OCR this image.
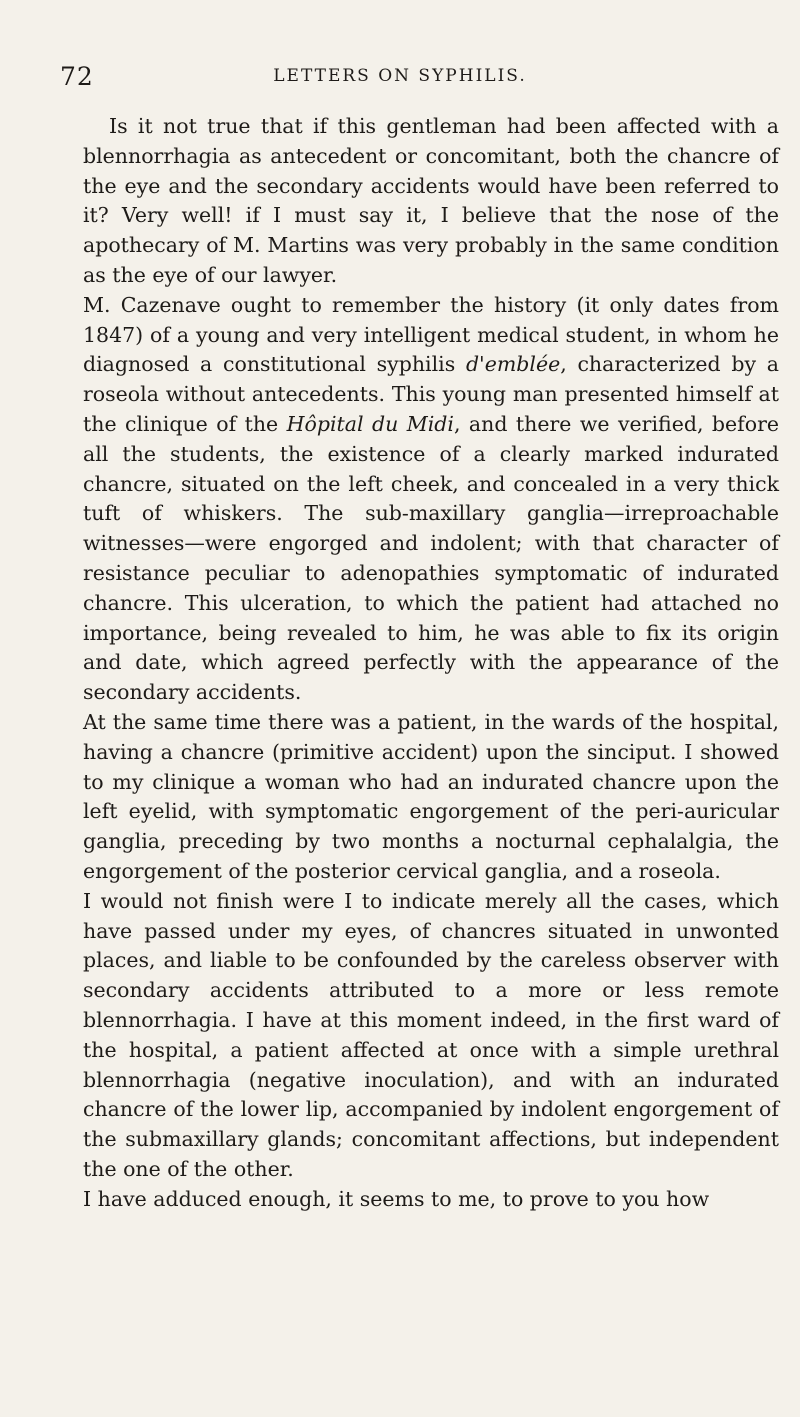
72	LETTERS ON SYPHILIS.

Is it not true that if this gentleman had been affected with a blennorrhagia as antecedent or concomitant, both the chancre of the eye and the secondary accidents would have been referred to it? Very well! if I must say it, I believe that the nose of the apothecary of M. Martins was very probably in the same condition as the eye of our lawyer.

M. Cazenave ought to remember the history (it only dates from 1847) of a young and very intelligent medical student, in whom he diagnosed a constitutional syphilis d'emblée, characterized by a roseola without antecedents. This young man presented himself at the clinique of the Hôpital du Midi, and there we verified, before all the students, the existence of a clearly marked indurated chancre, situated on the left cheek, and concealed in a very thick tuft of whiskers. The sub-maxillary ganglia—irreproachable witnesses—were engorged and indolent; with that character of resistance peculiar to adenopathies symptomatic of indurated chancre. This ulceration, to which the patient had attached no importance, being revealed to him, he was able to fix its origin and date, which agreed perfectly with the appearance of the secondary accidents.

At the same time there was a patient, in the wards of the hospital, having a chancre (primitive accident) upon the sinciput. I showed to my clinique a woman who had an indurated chancre upon the left eyelid, with symptomatic engorgement of the peri-auricular ganglia, preceding by two months a nocturnal cephalalgia, the engorgement of the posterior cervical ganglia, and a roseola.

I would not finish were I to indicate merely all the cases, which have passed under my eyes, of chancres situated in unwonted places, and liable to be confounded by the careless observer with secondary accidents attributed to a more or less remote blennorrhagia. I have at this moment indeed, in the first ward of the hospital, a patient affected at once with a simple urethral blennorrhagia (negative inoculation), and with an indurated chancre of the lower lip, accompanied by indolent engorgement of the submaxillary glands; concomitant affections, but independent the one of the other.

I have adduced enough, it seems to me, to prove to you how
